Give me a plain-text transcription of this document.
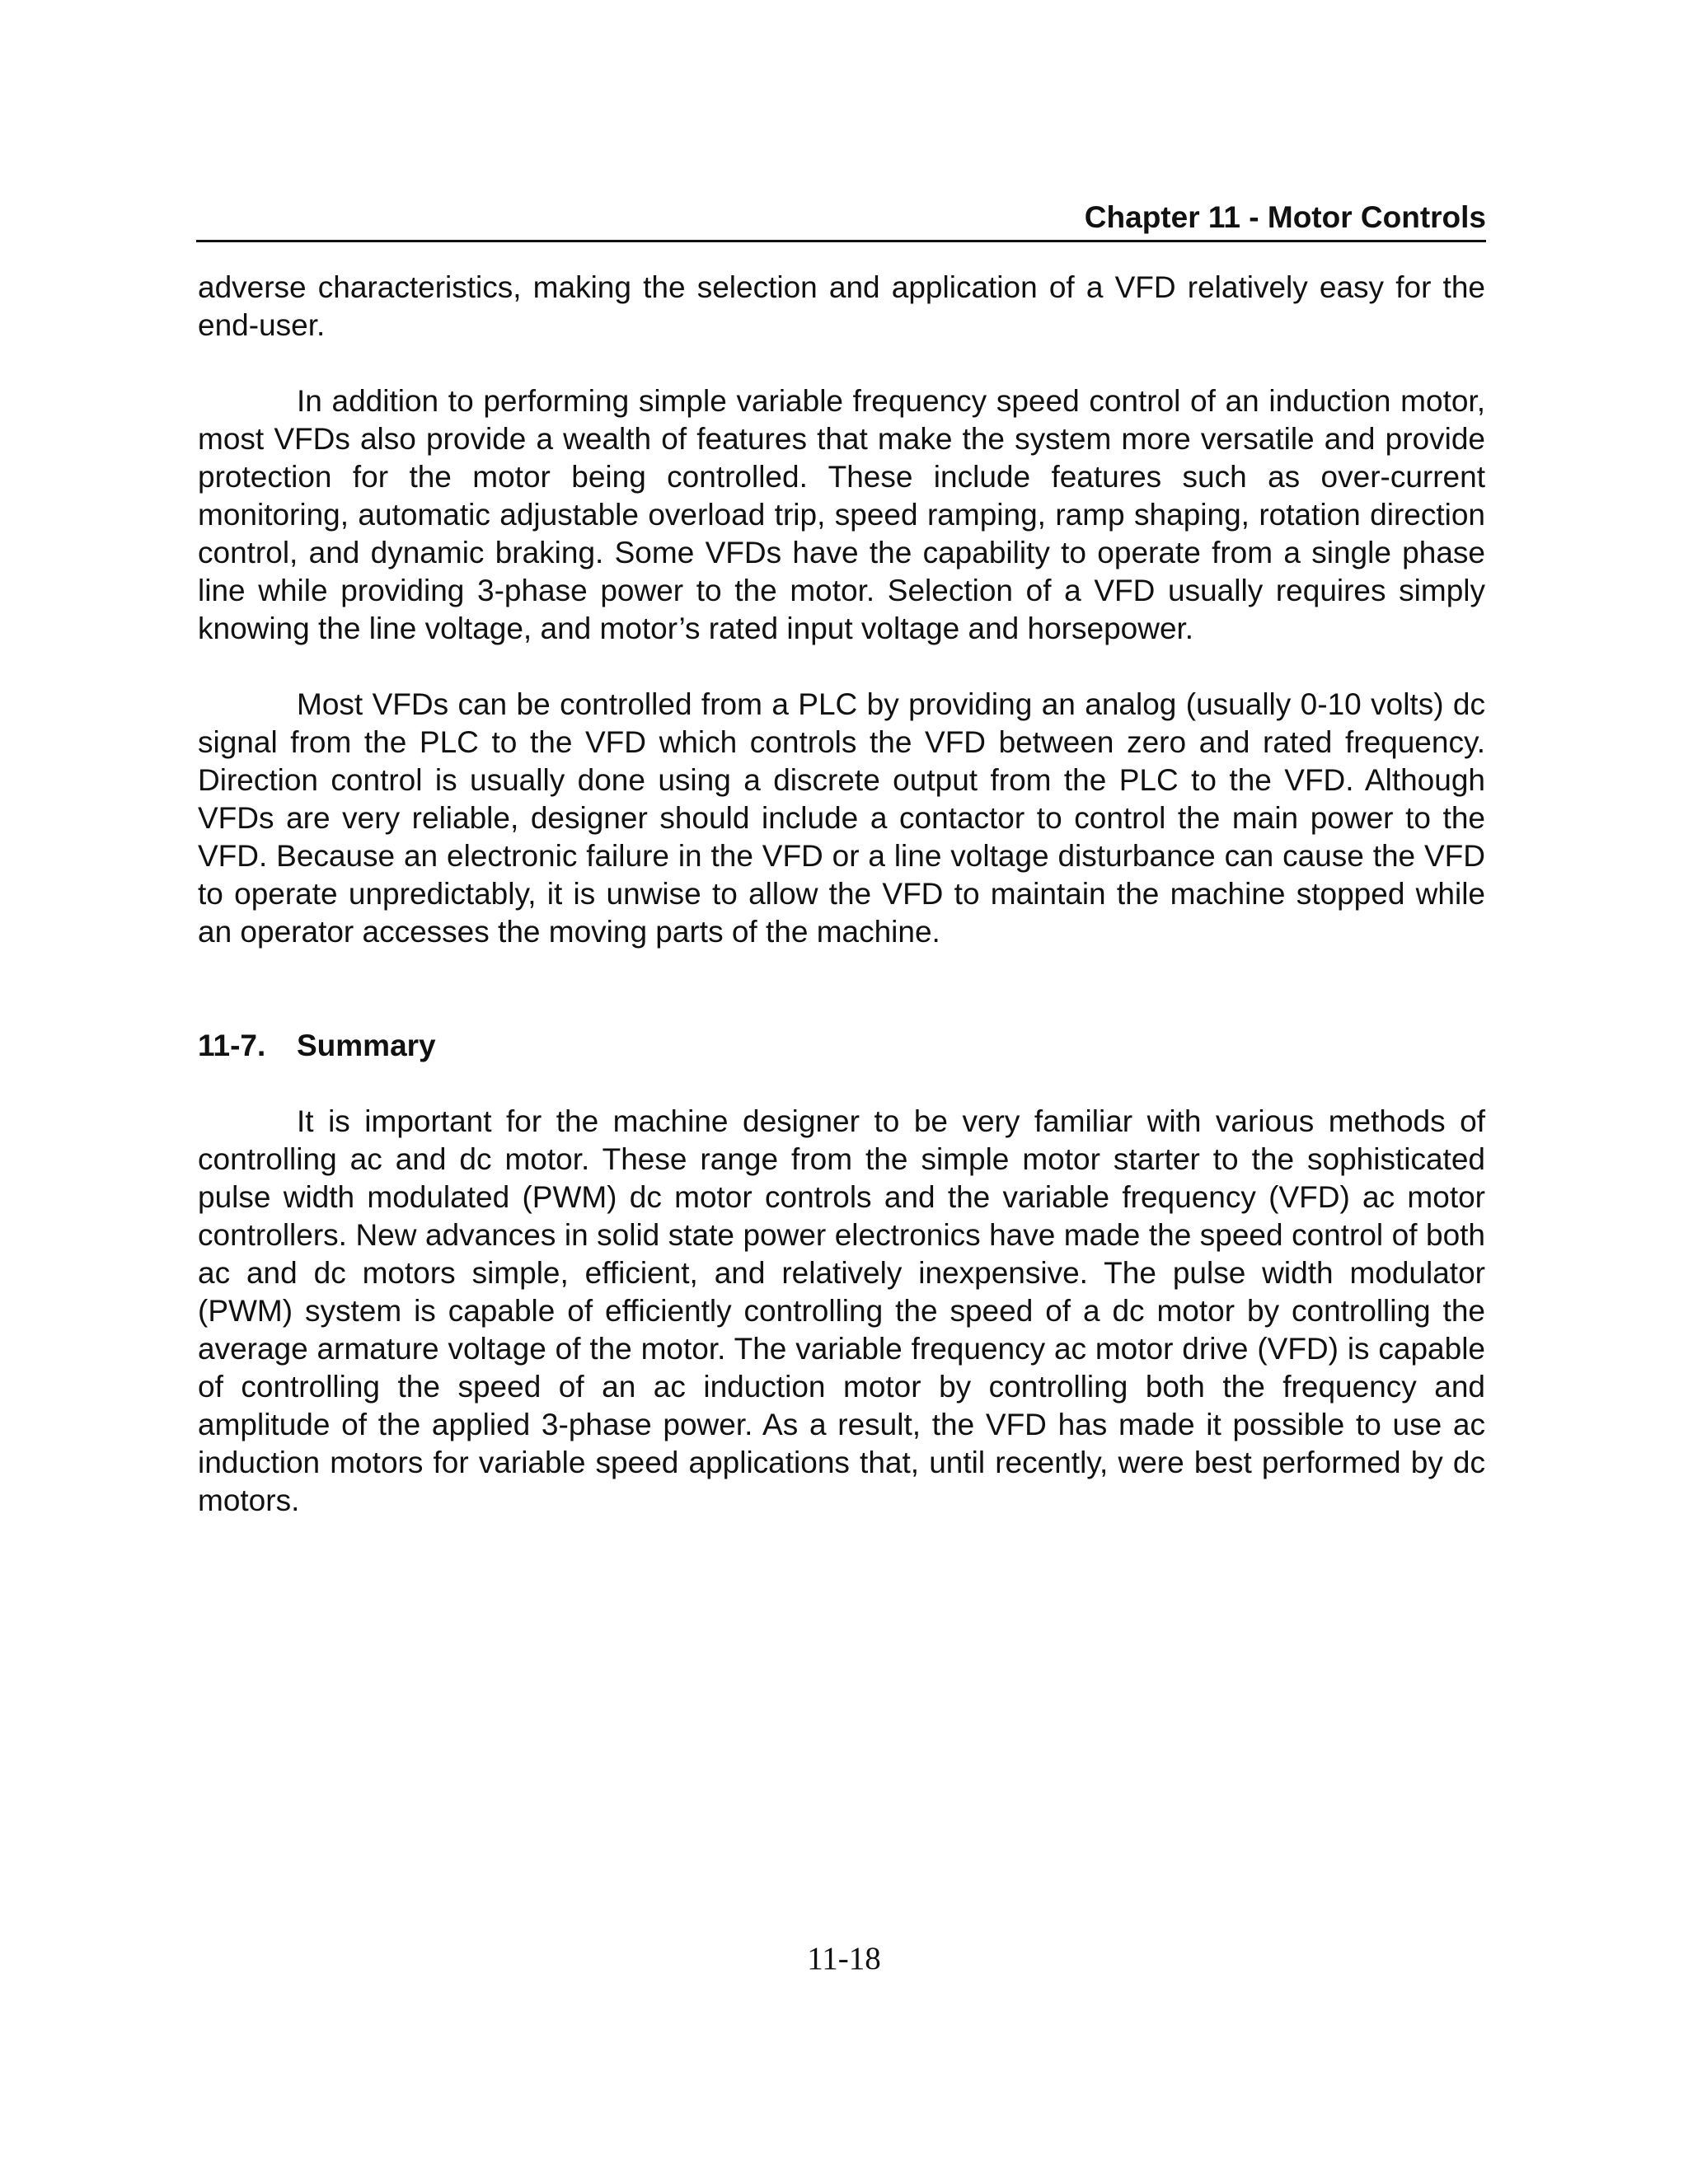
Chapter 11 - Motor Controls

adverse characteristics, making the selection and application of a VFD relatively easy for the end-user.

In addition to performing simple variable frequency speed control of an induction motor, most VFDs also provide a wealth of features that make the system more versatile and provide protection for the motor being controlled. These include features such as over-current monitoring, automatic adjustable overload trip, speed ramping, ramp shaping, rotation direction control, and dynamic braking. Some VFDs have the capability to operate from a single phase line while providing 3-phase power to the motor. Selection of a VFD usually requires simply knowing the line voltage, and motor’s rated input voltage and horsepower.

Most VFDs can be controlled from a PLC by providing an analog (usually 0-10 volts) dc signal from the PLC to the VFD which controls the VFD between zero and rated frequency. Direction control is usually done using a discrete output from the PLC to the VFD. Although VFDs are very reliable, designer should include a contactor to control the main power to the VFD. Because an electronic failure in the VFD or a line voltage disturbance can cause the VFD to operate unpredictably, it is unwise to allow the VFD to maintain the machine stopped while an operator accesses the moving parts of the machine.

11-7. Summary

It is important for the machine designer to be very familiar with various methods of controlling ac and dc motor. These range from the simple motor starter to the sophisticated pulse width modulated (PWM) dc motor controls and the variable frequency (VFD) ac motor controllers. New advances in solid state power electronics have made the speed control of both ac and dc motors simple, efficient, and relatively inexpensive. The pulse width modulator (PWM) system is capable of efficiently controlling the speed of a dc motor by controlling the average armature voltage of the motor. The variable frequency ac motor drive (VFD) is capable of controlling the speed of an ac induction motor by controlling both the frequency and amplitude of the applied 3-phase power. As a result, the VFD has made it possible to use ac induction motors for variable speed applications that, until recently, were best performed by dc motors.

11-18
